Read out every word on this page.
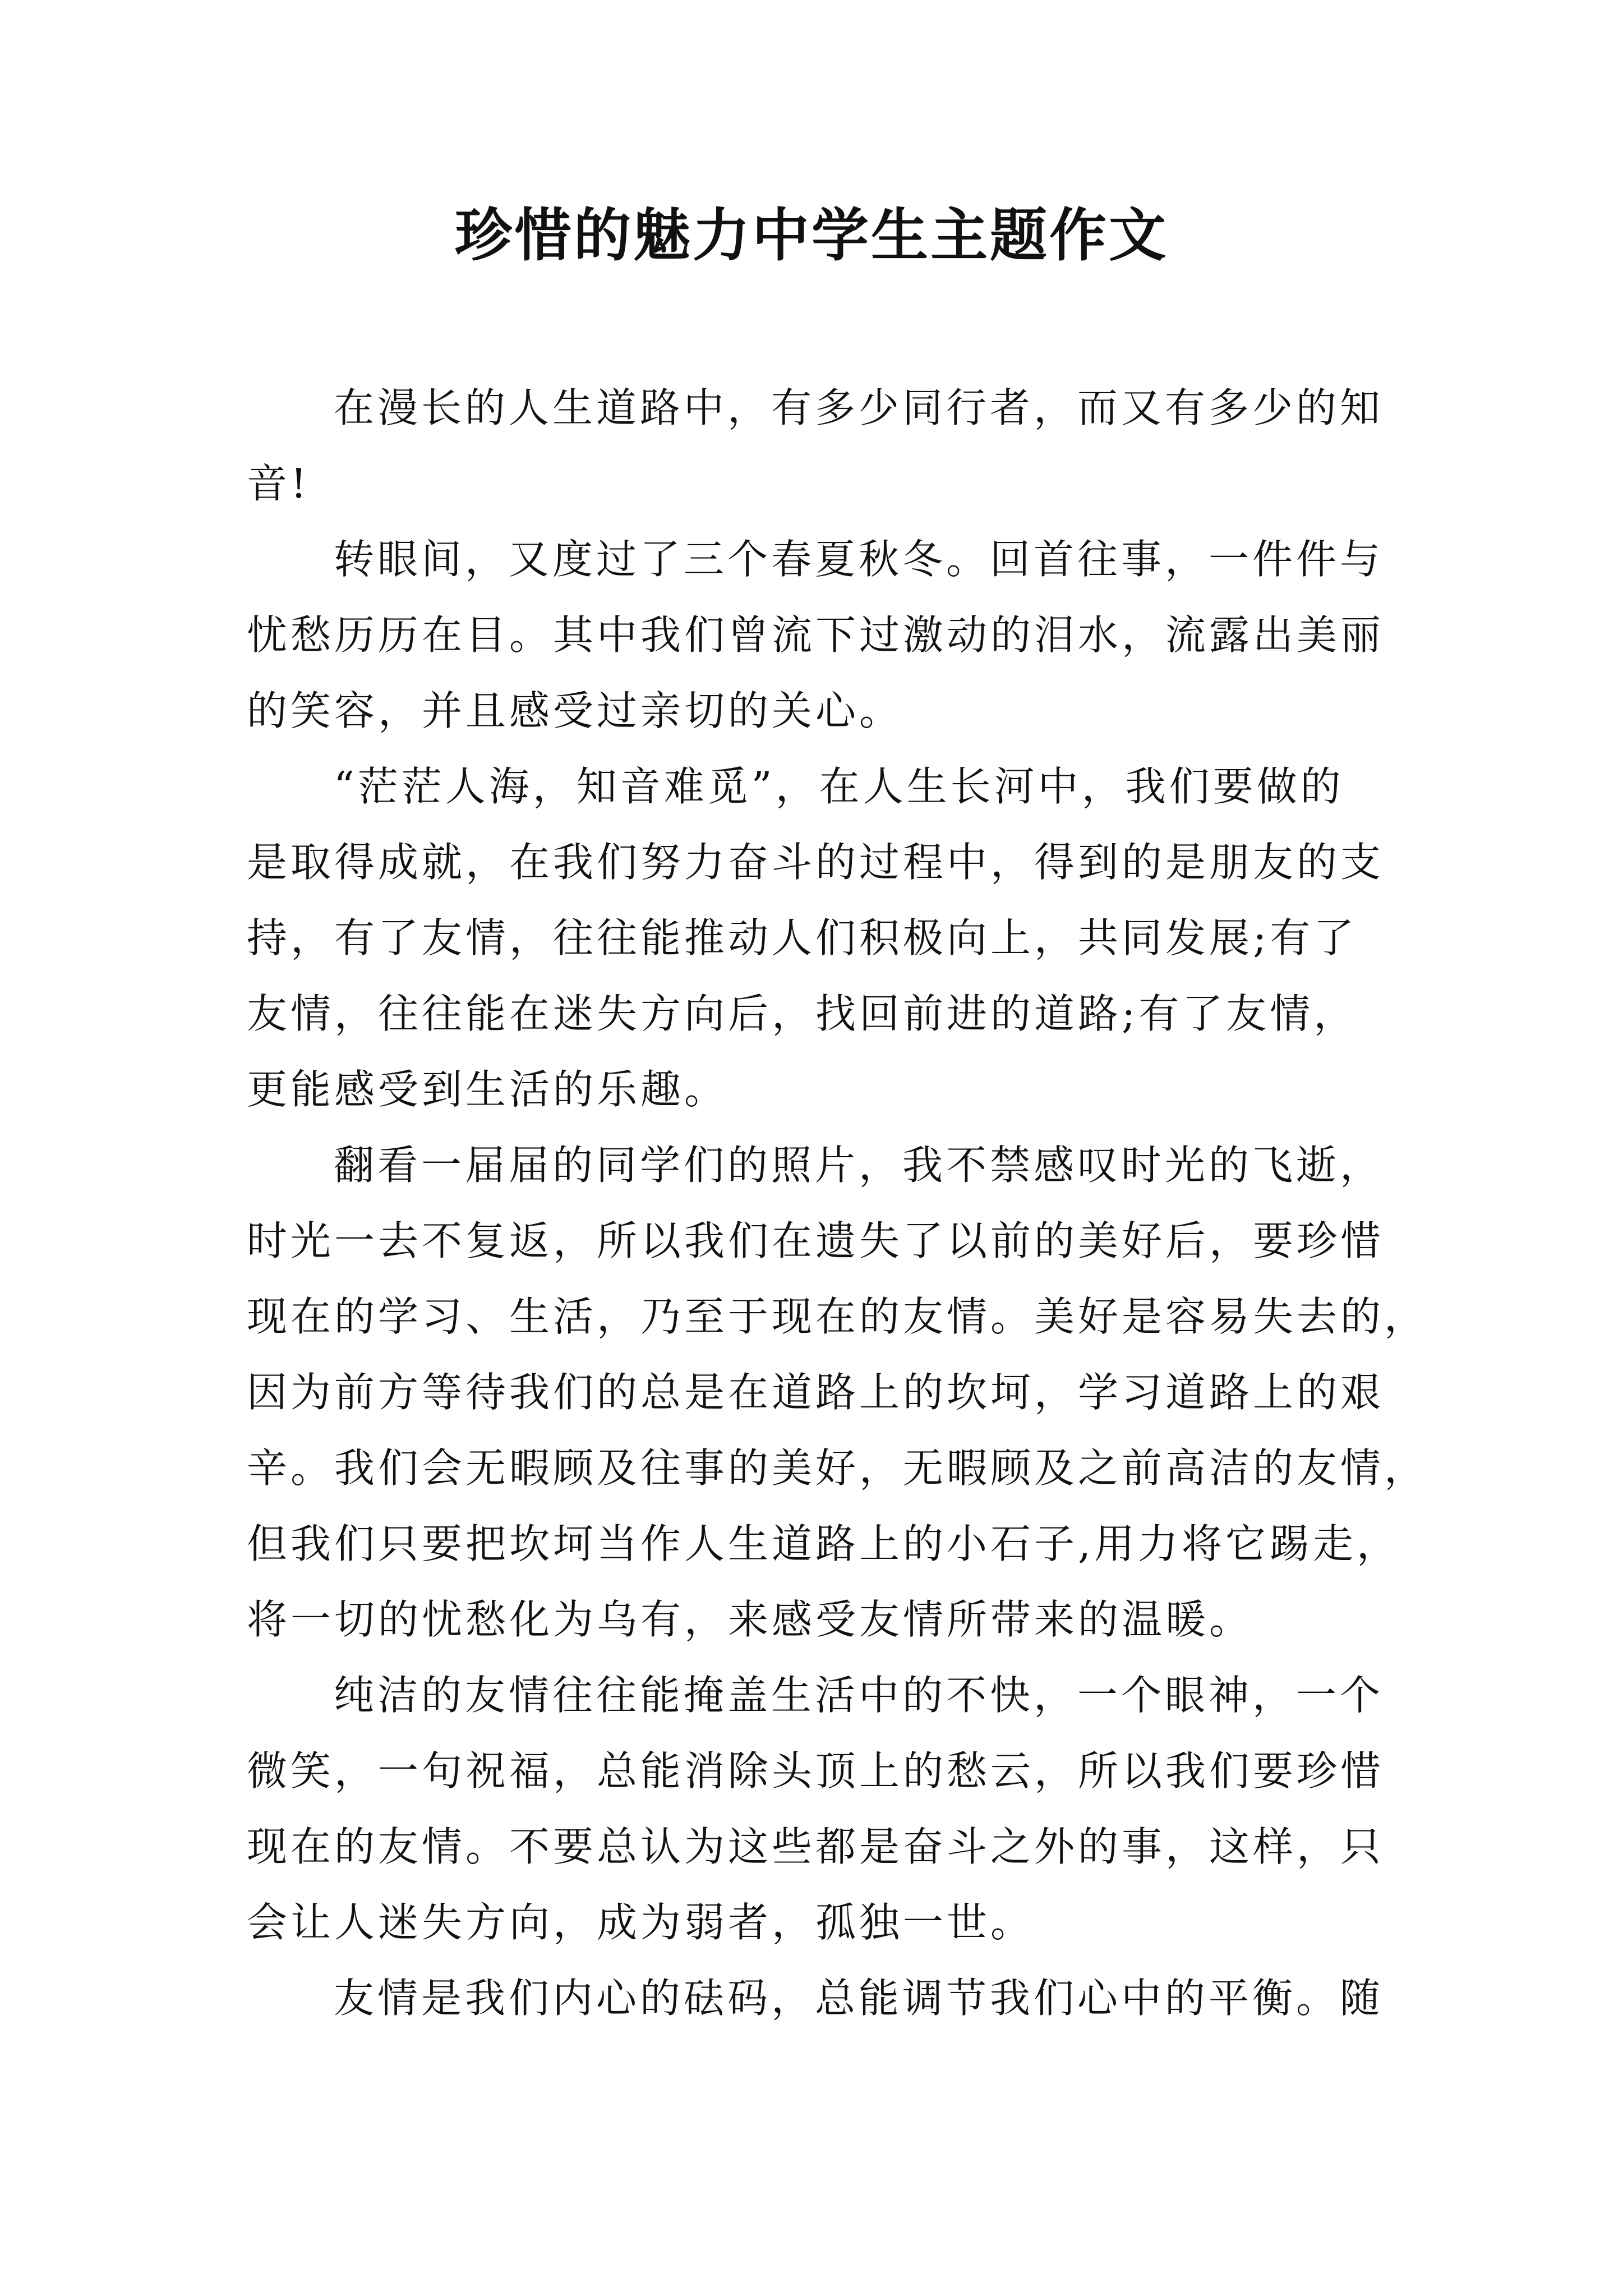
珍惜的魅力中学生主题作文
在漫长的人生道路中，有多少同行者，而又有多少的知
音!
转眼间，又度过了三个春夏秋冬。回首往事，一件件与
忧愁历历在目。其中我们曾流下过激动的泪水，流露出美丽
的笑容，并且感受过亲切的关心。
“茫茫人海，知音难觅”，在人生长河中，我们要做的
是取得成就，在我们努力奋斗的过程中，得到的是朋友的支
持，有了友情，往往能推动人们积极向上，共同发展;有了
友情，往往能在迷失方向后，找回前进的道路;有了友情，
更能感受到生活的乐趣。
翻看一届届的同学们的照片，我不禁感叹时光的飞逝，
时光一去不复返，所以我们在遗失了以前的美好后，要珍惜
现在的学习、生活，乃至于现在的友情。美好是容易失去的，
因为前方等待我们的总是在道路上的坎坷，学习道路上的艰
辛。我们会无暇顾及往事的美好，无暇顾及之前高洁的友情，
但我们只要把坎坷当作人生道路上的小石子,用力将它踢走，
将一切的忧愁化为乌有，来感受友情所带来的温暖。
纯洁的友情往往能掩盖生活中的不快，一个眼神，一个
微笑，一句祝福，总能消除头顶上的愁云，所以我们要珍惜
现在的友情。不要总认为这些都是奋斗之外的事，这样，只
会让人迷失方向，成为弱者，孤独一世。
友情是我们内心的砝码，总能调节我们心中的平衡。随
